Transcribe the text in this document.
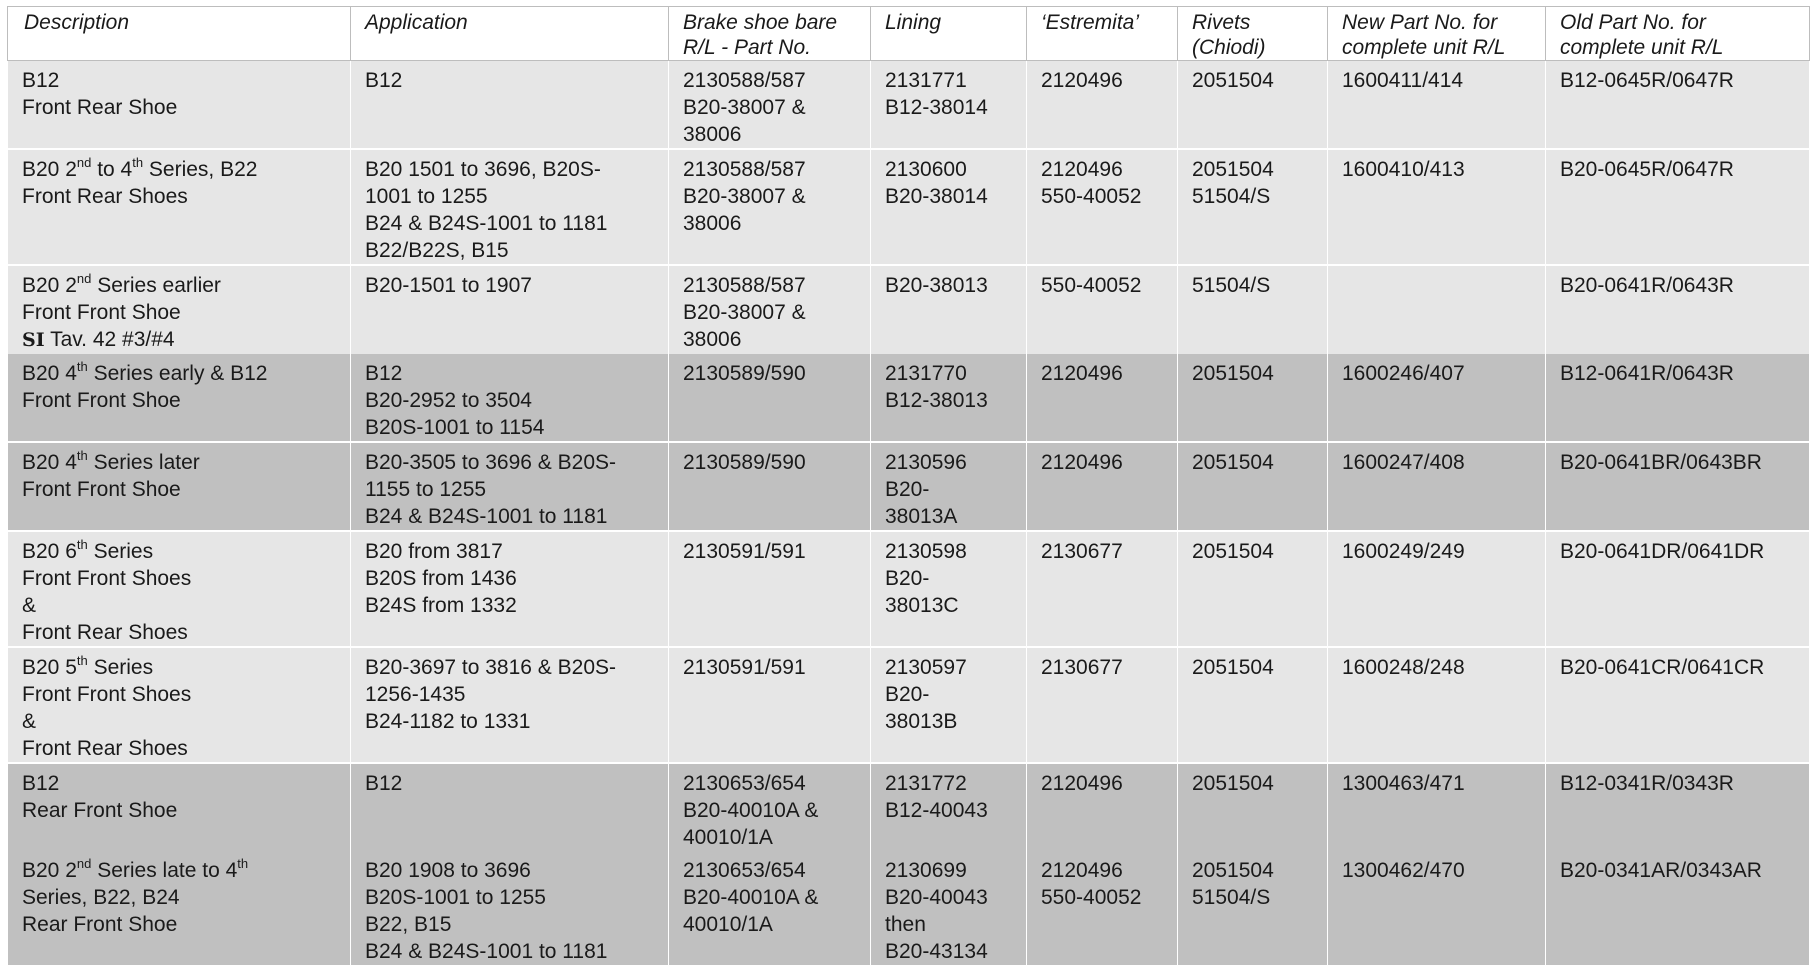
Description	Application	Brake shoe bare
R/L - Part No.	Lining	‘Estremita’	Rivets
(Chiodi)	New Part No. for
complete unit R/L	Old Part No. for
complete unit R/L
B12
Front Rear Shoe	B12	2130588/587
B20-38007 &
38006	2131771
B12-38014	2120496	2051504	1600411/414	B12-0645R/0647R
B20 2nd to 4th Series, B22
Front Rear Shoes	B20 1501 to 3696, B20S-
1001 to 1255
B24 & B24S-1001 to 1181
B22/B22S, B15	2130588/587
B20-38007 &
38006	2130600
B20-38014	2120496
550-40052	2051504
51504/S	1600410/413	B20-0645R/0647R
B20 2nd Series earlier
Front Front Shoe
SI Tav. 42 #3/#4	B20-1501 to 1907	2130588/587
B20-38007 &
38006	B20-38013	550-40052	51504/S		B20-0641R/0643R
B20 4th Series early & B12
Front Front Shoe	B12
B20-2952 to 3504
B20S-1001 to 1154	2130589/590	2131770
B12-38013	2120496	2051504	1600246/407	B12-0641R/0643R
B20 4th Series later
Front Front Shoe	B20-3505 to 3696 & B20S-
1155 to 1255
B24 & B24S-1001 to 1181	2130589/590	2130596
B20-
38013A	2120496	2051504	1600247/408	B20-0641BR/0643BR
B20 6th Series
Front Front Shoes
&
Front Rear Shoes	B20 from 3817
B20S from 1436
B24S from 1332	2130591/591	2130598
B20-
38013C	2130677	2051504	1600249/249	B20-0641DR/0641DR
B20 5th Series
Front Front Shoes
&
Front Rear Shoes	B20-3697 to 3816 & B20S-
1256-1435
B24-1182 to 1331	2130591/591	2130597
B20-
38013B	2130677	2051504	1600248/248	B20-0641CR/0641CR
B12
Rear Front Shoe	B12	2130653/654
B20-40010A &
40010/1A	2131772
B12-40043	2120496	2051504	1300463/471	B12-0341R/0343R
B20 2nd Series late to 4th
Series, B22, B24
Rear Front Shoe	B20 1908 to 3696
B20S-1001 to 1255
B22, B15
B24 & B24S-1001 to 1181	2130653/654
B20-40010A &
40010/1A	2130699
B20-40043
then
B20-43134	2120496
550-40052	2051504
51504/S	1300462/470	B20-0341AR/0343AR
